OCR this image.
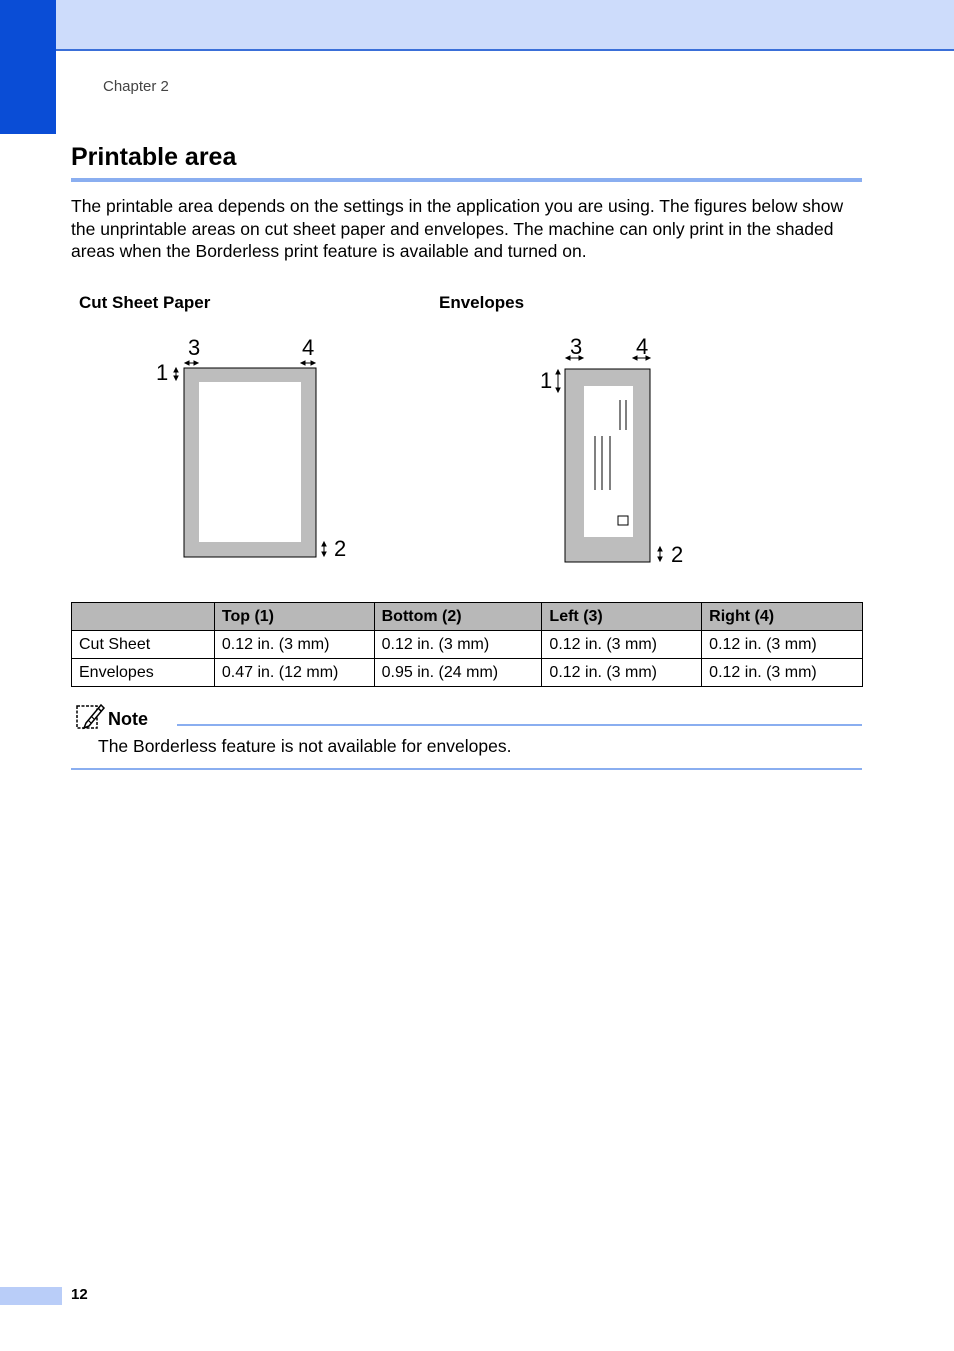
Chapter 2
Printable area

The printable area depends on the settings in the application you are using. The figures below show the unprintable areas on cut sheet paper and envelopes. The machine can only print in the shaded areas when the Borderless print feature is available and turned on.

Cut Sheet Paper	Envelopes
3	4
1
2
3 4
1
2
	Top (1)	Bottom (2)	Left (3)	Right (4)
Cut Sheet	0.12 in. (3 mm)	0.12 in. (3 mm)	0.12 in. (3 mm)	0.12 in. (3 mm)
Envelopes	0.47 in. (12 mm)	0.95 in. (24 mm)	0.12 in. (3 mm)	0.12 in. (3 mm)
Note
The Borderless feature is not available for envelopes.
12
